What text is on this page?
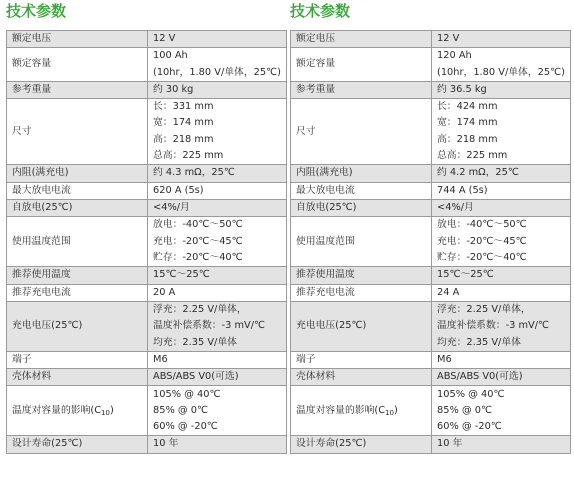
技术参数
额定电压	12 V

额定容量	100 Ah
(10hr，1.80 V/单体，25℃)

参考重量	约 30 kg

尺寸	长：331 mm
宽：174 mm
高：218 mm
总高：225 mm

内阻(满充电)	约 4.3 mΩ，25℃

最大放电电流	620 A (5s)

自放电(25℃)	<4%/月

使用温度范围	放电：-40℃～50℃
充电：-20℃～45℃
贮存：-20℃～40℃

推荐使用温度	15℃～25℃

推荐充电电流	20 A

充电电压(25℃)	浮充：2.25 V/单体，
温度补偿系数：-3 mV/℃
均充：2.35 V/单体

端子	M6

壳体材料	ABS/ABS V0(可选)

温度对容量的影响$(C_{10})$	105% @ 40℃
85% @ 0℃
60% @ -20℃

设计寿命(25℃)	10 年
技术参数
额定电压	12 V

额定容量	120 Ah
(10hr，1.80 V/单体，25℃)

参考重量	约 36.5 kg

尺寸	长：424 mm
宽：174 mm
高：218 mm
总高：225 mm

内阻(满充电)	约 4.2 mΩ，25℃

最大放电电流	744 A (5s)

自放电(25℃)	<4%/月

使用温度范围	放电：-40℃～50℃
充电：-20℃～45℃
贮存：-20℃～40℃

推荐使用温度	15℃～25℃

推荐充电电流	24 A

充电电压(25℃)	浮充：2.25 V/单体，
温度补偿系数：-3 mV/℃
均充：2.35 V/单体

端子	M6

壳体材料	ABS/ABS V0(可选)

温度对容量的影响$(C_{10})$	105% @ 40℃
85% @ 0℃
60% @ -20℃

设计寿命(25℃)	10 年
